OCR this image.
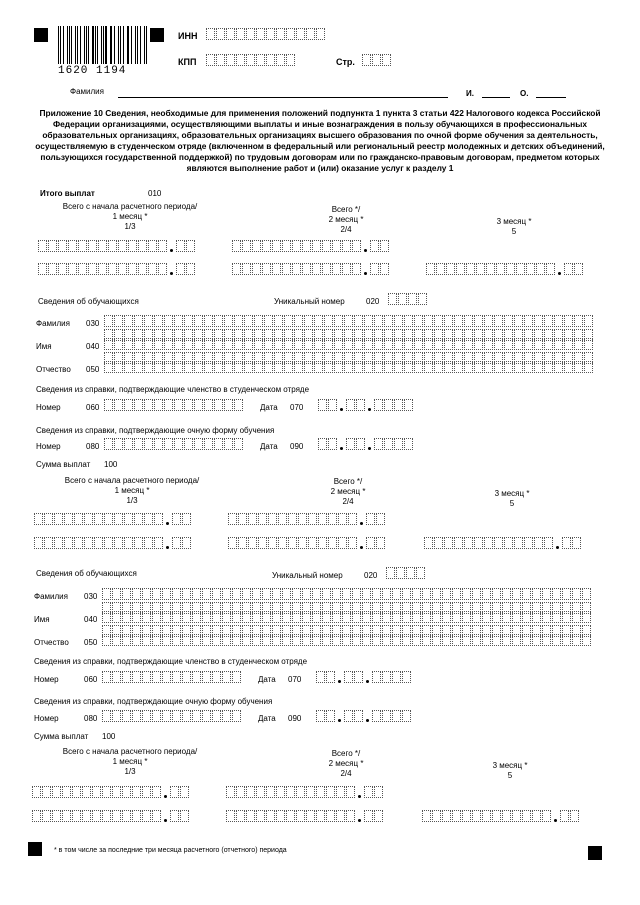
1620 1194
ИНН
КПП	Стр.
Фамилия	И.	О.
Приложение 10 Сведения, необходимые для применения положений подпункта 1 пункта 3 статьи 422 Налогового кодекса Российской Федерации организациями, осуществляющими выплаты и иные вознаграждения в пользу обучающихся в профессиональных образовательных организациях, образовательных организациях высшего образования по очной форме обучения за деятельность, осуществляемую в студенческом отряде (включенном в федеральный или региональный реестр молодежных и детских объединений, пользующихся государственной поддержкой) по трудовым договорам или по гражданско-правовым договорам, предметом которых являются выполнение работ и (или) оказание услуг к разделу 1
Итого выплат	010
Всего с начала расчетного периода/
1 месяц *
1/3
Всего */
2 месяц *
2/4
3 месяц *
5
Сведения об обучающихся	Уникальный номер	020
Фамилия 030
Имя	040
Отчество 050
Сведения из справки, подтверждающие членство в студенческом отряде
Номер	060	Дата 070
Сведения из справки, подтверждающие очную форму обучения
Номер	080	Дата 090
Сумма выплат 100
Всего с начала расчетного периода/
1 месяц *
1/3
Всего */
2 месяц *
2/4
3 месяц *
5
Сведения об обучающихся	Уникальный номер	020
Фамилия 030
Имя	040
Отчество 050
Сведения из справки, подтверждающие членство в студенческом отряде
Номер	060	Дата 070
Сведения из справки, подтверждающие очную форму обучения
Номер	080	Дата 090
Сумма выплат 100
Всего с начала расчетного периода/
1 месяц *
1/3
Всего */
2 месяц *
2/4
3 месяц *
5
* в том числе за последние три месяца расчетного (отчетного) периода
